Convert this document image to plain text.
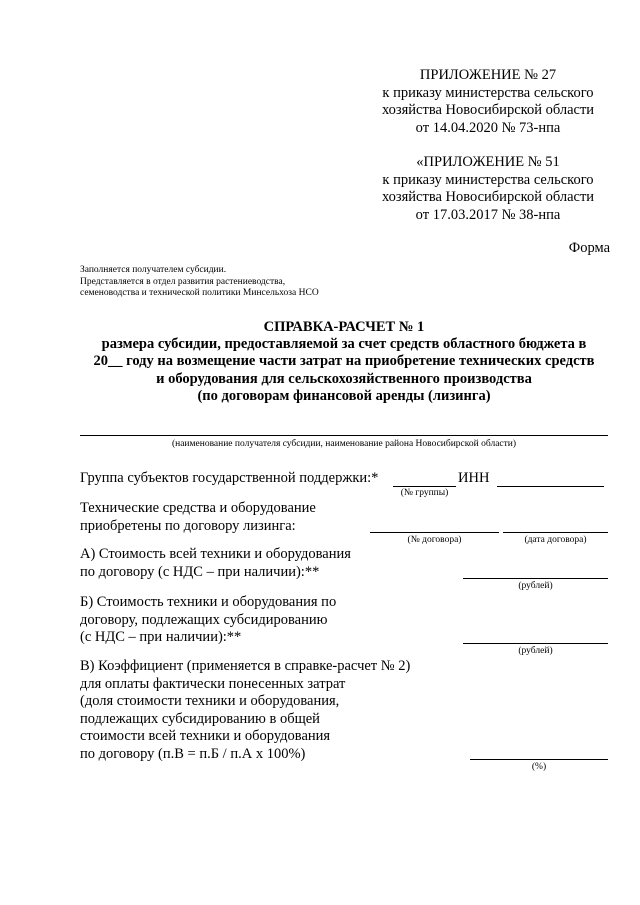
ПРИЛОЖЕНИЕ № 27
к приказу министерства сельского
хозяйства Новосибирской области
от 14.04.2020 № 73-нпа
«ПРИЛОЖЕНИЕ № 51
к приказу министерства сельского
хозяйства Новосибирской области
от 17.03.2017 № 38-нпа
Форма
Заполняется получателем субсидии.
Представляется в отдел развития растениеводства,
семеноводства и технической политики Минсельхоза НСО
СПРАВКА-РАСЧЕТ № 1
размера субсидии, предоставляемой за счет средств областного бюджета в
20__ году на возмещение части затрат на приобретение технических средств
и оборудования для сельскохозяйственного производства
(по договорам финансовой аренды (лизинга)
(наименование получателя субсидии, наименование района Новосибирской области)
Группа субъектов государственной поддержки:*	ИНН
(№ группы)
Технические средства и оборудование
приобретены по договору лизинга:
(№ договора)	(дата договора)
А) Стоимость всей техники и оборудования
по договору (с НДС – при наличии):**
(рублей)
Б) Стоимость техники и оборудования по
договору, подлежащих субсидированию
(с НДС – при наличии):**
(рублей)
В) Коэффициент (применяется в справке-расчет № 2)
для оплаты фактически понесенных затрат
(доля стоимости техники и оборудования,
подлежащих субсидированию в общей
стоимости всей техники и оборудования
по договору (п.В = п.Б / п.А х 100%)
(%)
